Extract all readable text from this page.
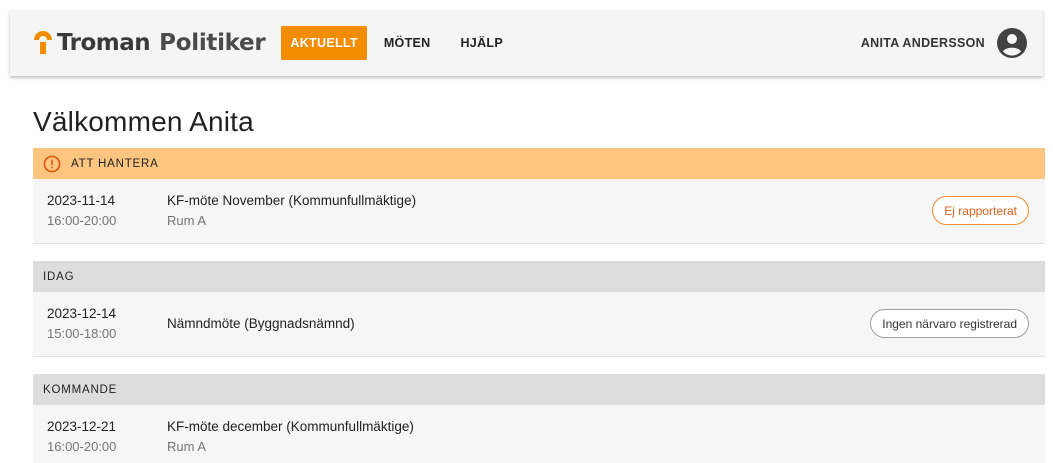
Troman Politiker	AKTUELLT	MÖTEN	HJÄLP	ANITA ANDERSSON
Välkommen Anita
ATT HANTERA
2023-11-14
16:00-20:00
KF-möte November (Kommunfullmäktige)
Rum A
Ej rapporterat
IDAG
2023-12-14
15:00-18:00
Nämndmöte (Byggnadsnämnd)	Ingen närvaro registrerad
KOMMANDE
2023-12-21
16:00-20:00
KF-möte december (Kommunfullmäktige)
Rum A
